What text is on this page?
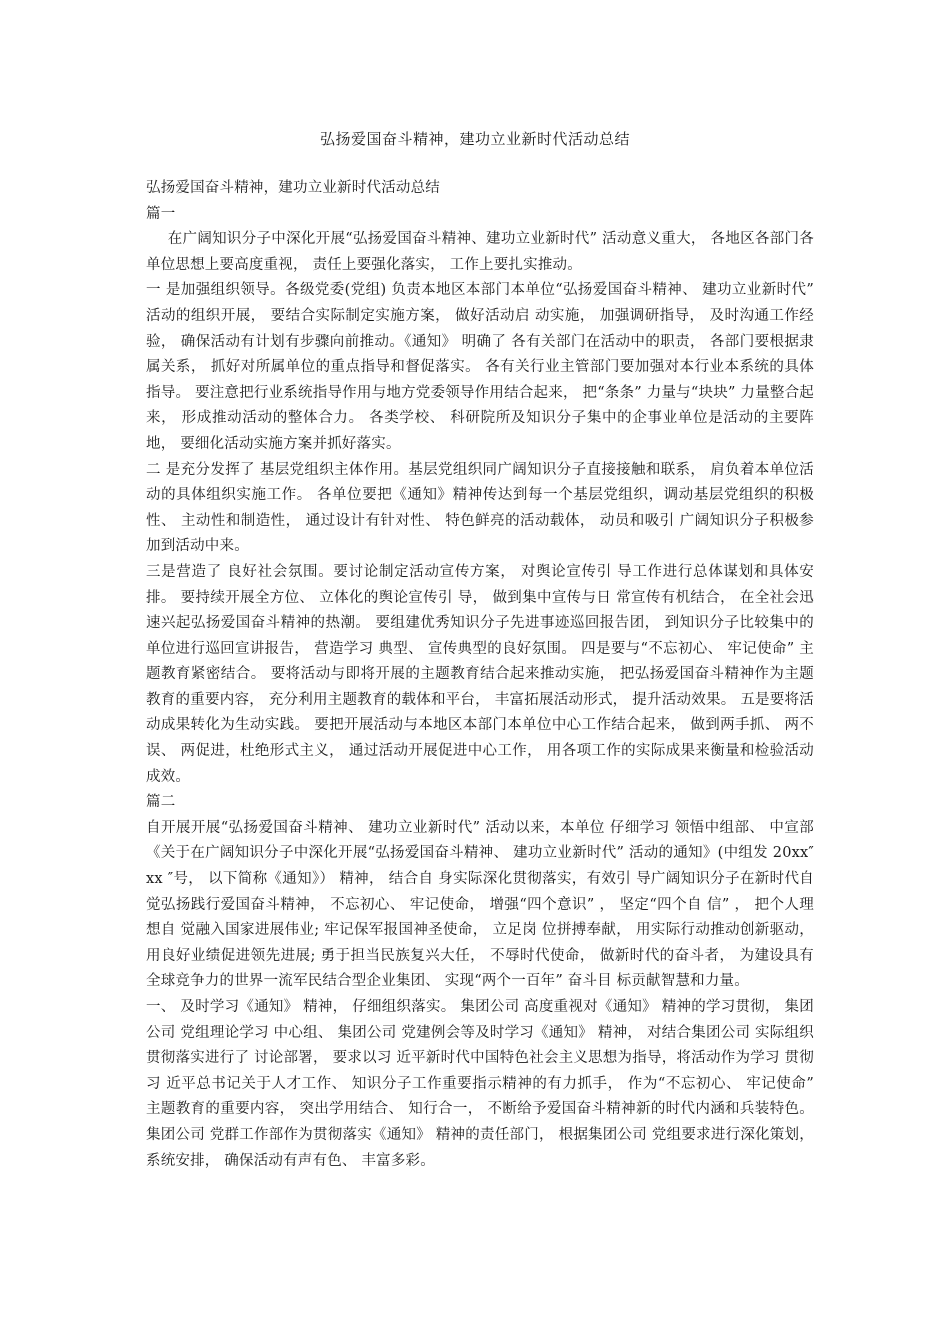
弘扬爱国奋斗精神，建功立业新时代活动总结

弘扬爱国奋斗精神，建功立业新时代活动总结

篇一

在广阔知识分子中深化开展“弘扬爱国奋斗精神、建功立业新时代” 活动意义重大， 各地区各部门各单位思想上要高度重视， 责任上要强化落实， 工作上要扎实推动。

一 是加强组织领导。各级党委(党组) 负责本地区本部门本单位“弘扬爱国奋斗精神、 建功立业新时代” 活动的组织开展， 要结合实际制定实施方案， 做好活动启 动实施， 加强调研指导， 及时沟通工作经验， 确保活动有计划有步骤向前推动。《通知》 明确了 各有关部门在活动中的职责， 各部门要根据隶属关系， 抓好对所属单位的重点指导和督促落实。 各有关行业主管部门要加强对本行业本系统的具体指导。 要注意把行业系统指导作用与地方党委领导作用结合起来， 把“条条” 力量与“块块” 力量整合起来， 形成推动活动的整体合力。 各类学校、 科研院所及知识分子集中的企事业单位是活动的主要阵地， 要细化活动实施方案并抓好落实。

二 是充分发挥了 基层党组织主体作用。基层党组织同广阔知识分子直接接触和联系， 肩负着本单位活动的具体组织实施工作。 各单位要把《通知》精神传达到每一个基层党组织，调动基层党组织的积极性、 主动性和制造性， 通过设计有针对性、 特色鲜亮的活动载体， 动员和吸引 广阔知识分子积极参加到活动中来。

三是营造了 良好社会氛围。要讨论制定活动宣传方案， 对舆论宣传引 导工作进行总体谋划和具体安排。 要持续开展全方位、 立体化的舆论宣传引 导， 做到集中宣传与日 常宣传有机结合， 在全社会迅速兴起弘扬爱国奋斗精神的热潮。 要组建优秀知识分子先进事迹巡回报告团， 到知识分子比较集中的单位进行巡回宣讲报告， 营造学习 典型、 宣传典型的良好氛围。 四是要与“不忘初心、 牢记使命” 主题教育紧密结合。 要将活动与即将开展的主题教育结合起来推动实施， 把弘扬爱国奋斗精神作为主题教育的重要内容， 充分利用主题教育的载体和平台， 丰富拓展活动形式， 提升活动效果。 五是要将活动成果转化为生动实践。 要把开展活动与本地区本部门本单位中心工作结合起来， 做到两手抓、 两不误、 两促进，杜绝形式主义， 通过活动开展促进中心工作， 用各项工作的实际成果来衡量和检验活动成效。

篇二

自开展开展“弘扬爱国奋斗精神、 建功立业新时代” 活动以来，本单位 仔细学习 领悟中组部、 中宣部《关于在广阔知识分子中深化开展“弘扬爱国奋斗精神、 建功立业新时代” 活动的通知》(中组发 20xx″xx ″号， 以下简称《通知》） 精神， 结合自 身实际深化贯彻落实，有效引 导广阔知识分子在新时代自 觉弘扬践行爱国奋斗精神， 不忘初心、 牢记使命， 增强“四个意识” ， 坚定“四个自 信” ， 把个人理想自 觉融入国家进展伟业; 牢记保军报国神圣使命， 立足岗 位拼搏奉献， 用实际行动推动创新驱动， 用良好业绩促进领先进展; 勇于担当民族复兴大任， 不辱时代使命， 做新时代的奋斗者， 为建设具有全球竞争力的世界一流军民结合型企业集团、 实现“两个一百年” 奋斗目 标贡献智慧和力量。

一、 及时学习《通知》 精神， 仔细组织落实。 集团公司 高度重视对《通知》 精神的学习贯彻， 集团公司 党组理论学习 中心组、 集团公司 党建例会等及时学习《通知》 精神， 对结合集团公司 实际组织贯彻落实进行了 讨论部署， 要求以习 近平新时代中国特色社会主义思想为指导，将活动作为学习 贯彻习 近平总书记关于人才工作、 知识分子工作重要指示精神的有力抓手， 作为“不忘初心、 牢记使命” 主题教育的重要内容， 突出学用结合、 知行合一， 不断给予爱国奋斗精神新的时代内涵和兵装特色。 集团公司 党群工作部作为贯彻落实《通知》 精神的责任部门， 根据集团公司 党组要求进行深化策划， 系统安排， 确保活动有声有色、 丰富多彩。
